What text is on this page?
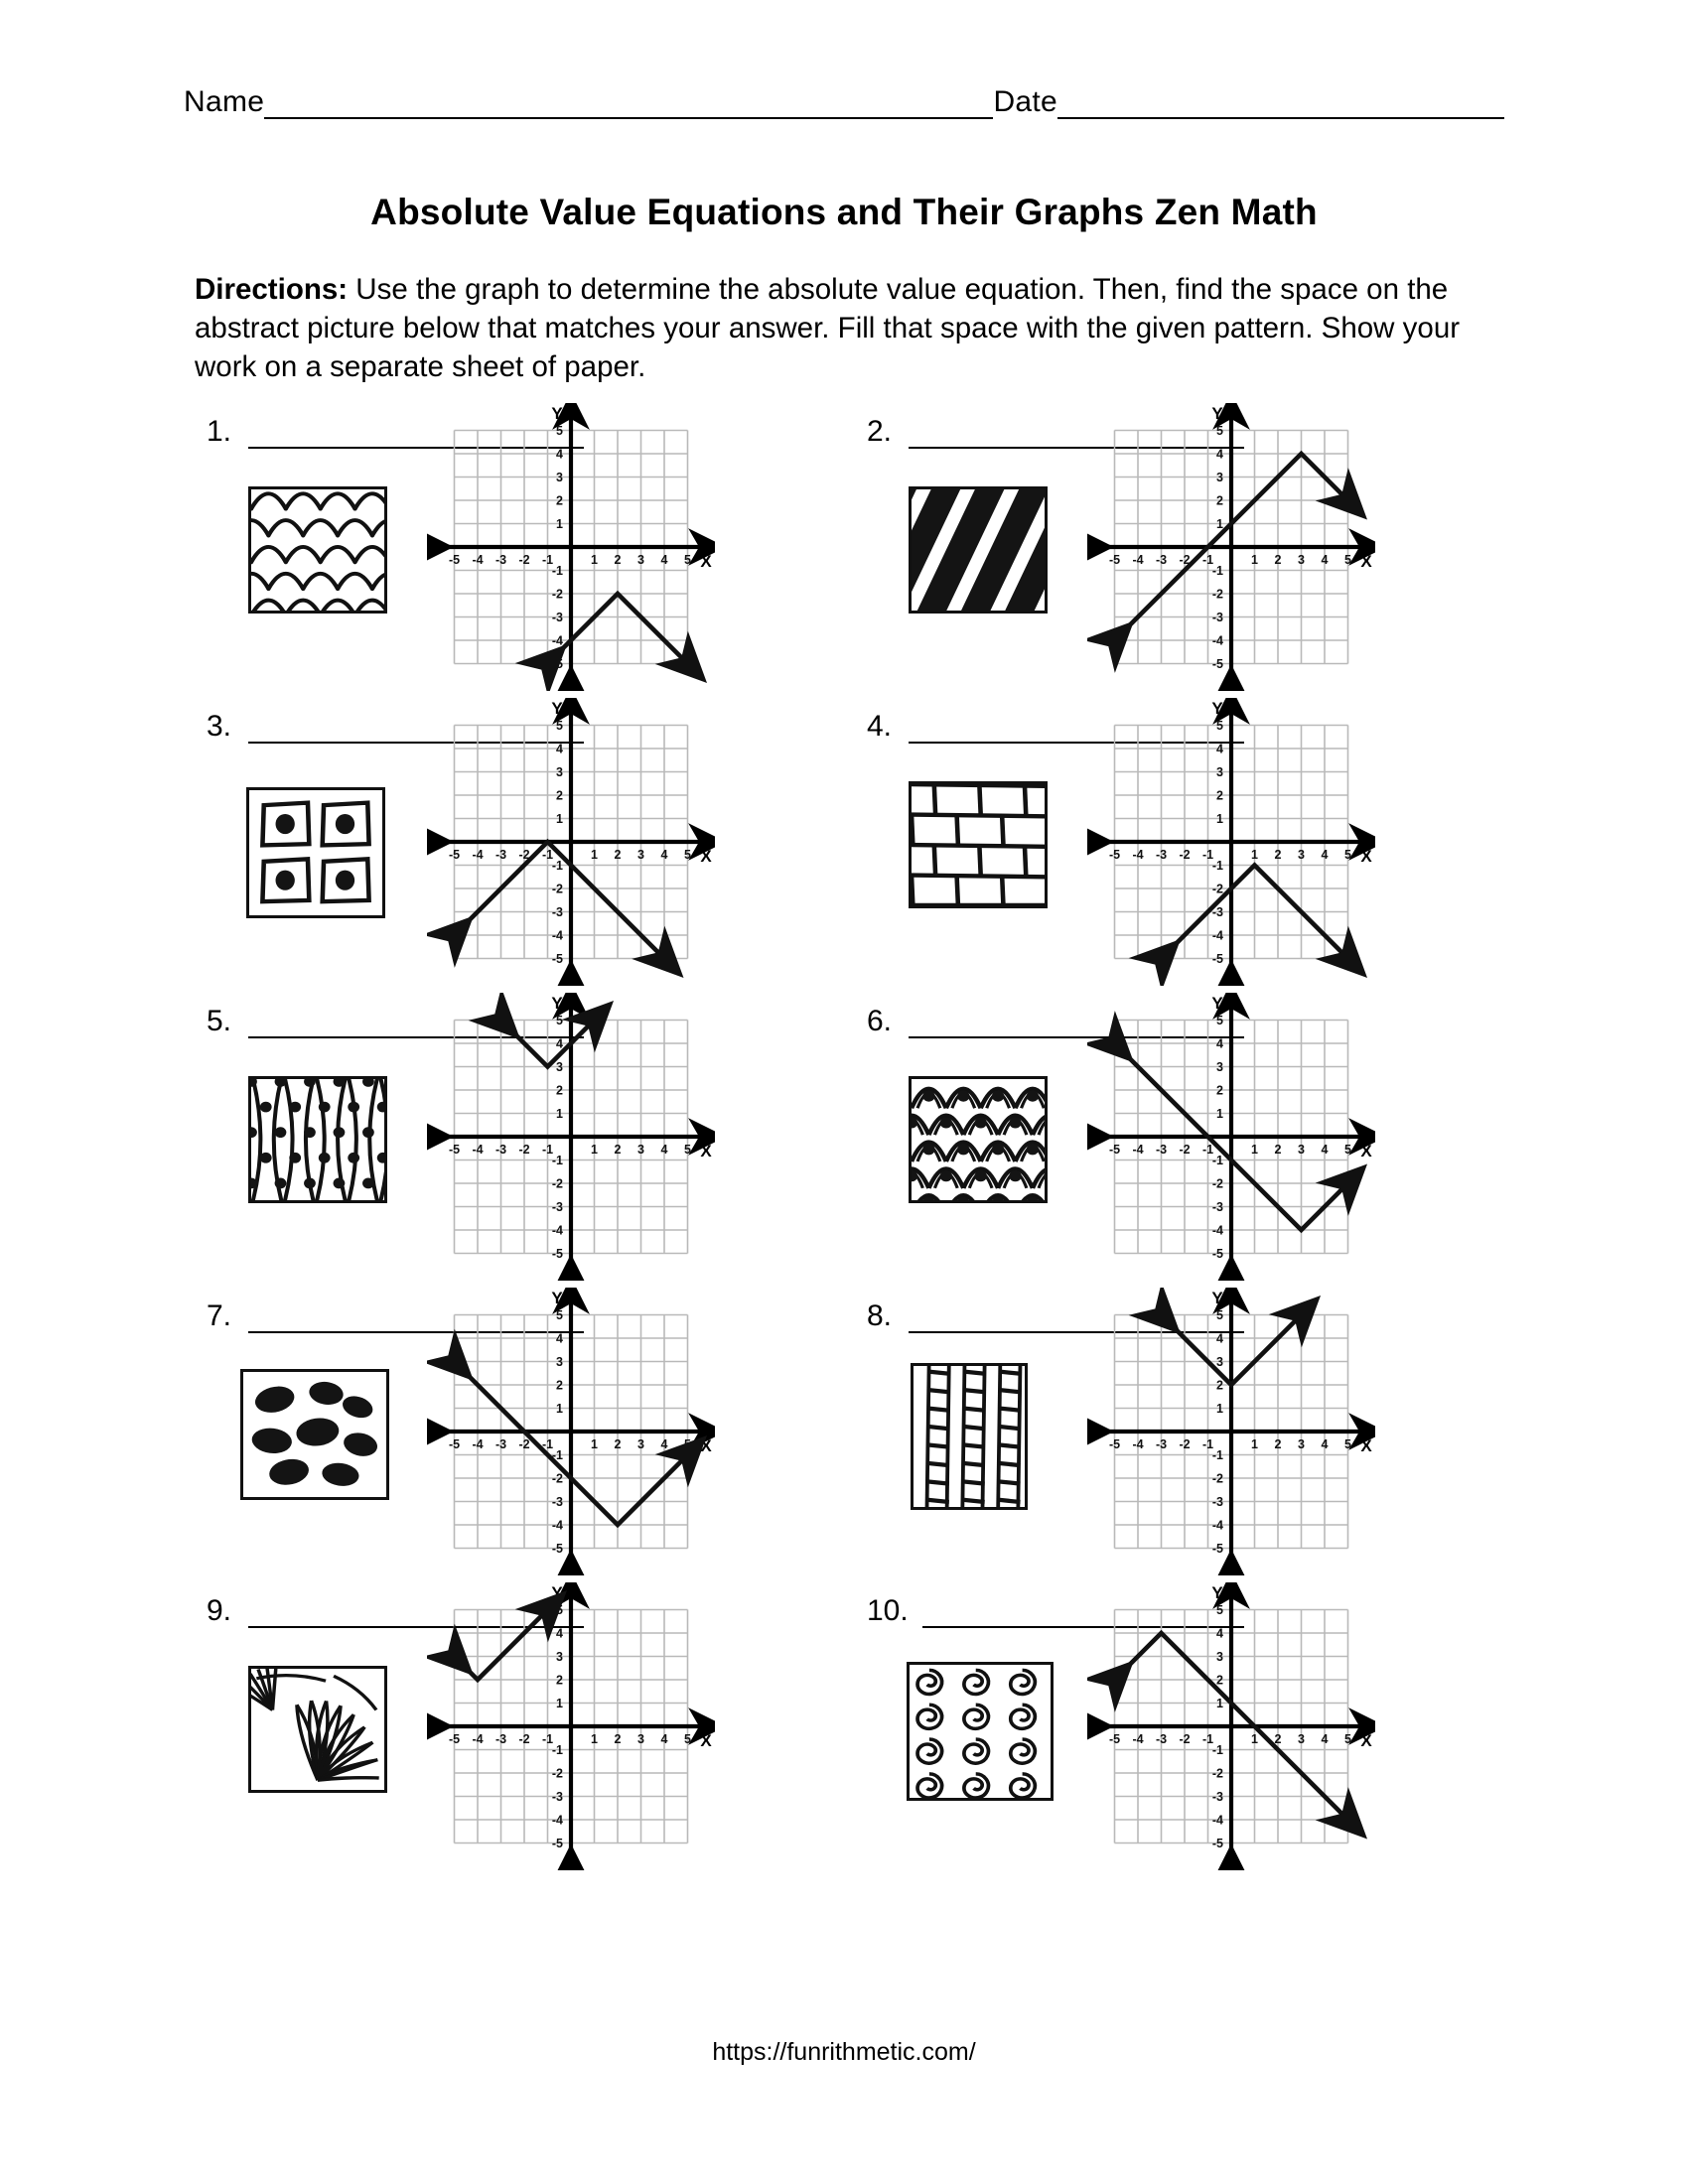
Name	Date
Absolute Value Equations and Their Graphs Zen Math
Directions: Use the graph to determine the absolute value equation. Then, find the space on the abstract picture below that matches your answer. Fill that space with the given pattern. Show your work on a separate sheet of paper.
1.
X
Y
-5 -4 -3 -2 -1	1 2 3 4 5
5
4
3
2
1
-1
-2
-3
-4
-5
2.
X
Y
-5 -4 -3 -2 -1	1 2 3 4 5
5
4
3
2
1
-1
-2
-3
-4
-5
3.
X
Y
-5 -4 -3 -2 -1	1 2 3 4 5
5
4
3
2
1
-1
-2
-3
-4
-5
4.
X
Y
-5 -4 -3 -2 -1	1 2 3 4 5
5
4
3
2
1
-1
-2
-3
-4
-5
5.
X
Y
-5 -4 -3 -2 -1	1 2 3 4 5
5
4
3
2
1
-1
-2
-3
-4
-5
6.
X
Y
-5 -4 -3 -2 -1	1 2 3 4 5
5
4
3
2
1
-1
-2
-3
-4
-5
7.
X
Y
-5 -4 -3 -2 -1	1 2 3 4 5
5
4
3
2
1
-1
-2
-3
-4
-5
8.
X
Y
-5 -4 -3 -2 -1	1 2 3 4 5
5
4
3
2
1
-1
-2
-3
-4
-5
9.
X
Y
-5 -4 -3 -2 -1	1 2 3 4 5
5
4
3
2
1
-1
-2
-3
-4
-5
10.
X
Y
-5 -4 -3 -2 -1	1 2 3 4 5
5
4
3
2
1
-1
-2
-3
-4
-5
https://funrithmetic.com/
